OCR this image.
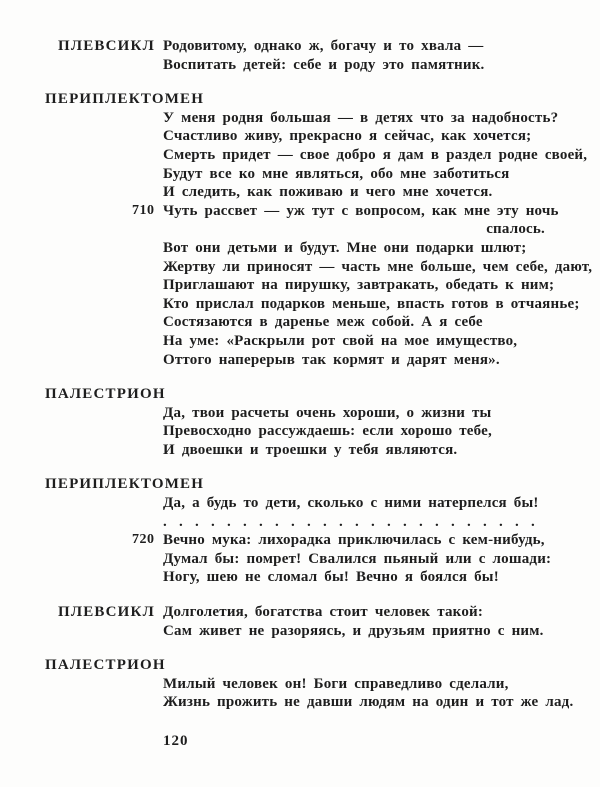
ПЛЕВСИКЛ Родовитому, однако ж, богачу и то хвала —
Воспитать детей: себе и роду это памятник.
ПЕРИПЛЕКТОМЕН
У меня родня большая — в детях что за надобность?
Счастливо живу, прекрасно я сейчас, как хочется;
Смерть придет — свое добро я дам в раздел родне своей,
Будут все ко мне являться, обо мне заботиться
И следить, как поживаю и чего мне хочется.
710 Чуть рассвет — уж тут с вопросом, как мне эту ночь
спалось.
Вот они детьми и будут. Мне они подарки шлют;
Жертву ли приносят — часть мне больше, чем себе, дают,
Приглашают на пирушку, завтракать, обедать к ним;
Кто прислал подарков меньше, впасть готов в отчаянье;
Состязаются в даренье меж собой. А я себе
На уме: «Раскрыли рот свой на мое имущество,
Оттого наперерыв так кормят и дарят меня».
ПАЛЕСТРИОН
Да, твои расчеты очень хороши, о жизни ты
Превосходно рассуждаешь: если хорошо тебе,
И двоешки и троешки у тебя являются.
ПЕРИПЛЕКТОМЕН
Да, а будь то дети, сколько с ними натерпелся бы!
. . . . . . . . . . . . . . . . . . . . . . . .
720 Вечно мука: лихорадка приключилась с кем-нибудь,
Думал бы: помрет! Свалился пьяный или с лошади:
Ногу, шею не сломал бы! Вечно я боялся бы!
ПЛЕВСИКЛ Долголетия, богатства стоит человек такой:
Сам живет не разоряясь, и друзьям приятно с ним.
ПАЛЕСТРИОН
Милый человек он! Боги справедливо сделали,
Жизнь прожить не давши людям на один и тот же лад.
120
